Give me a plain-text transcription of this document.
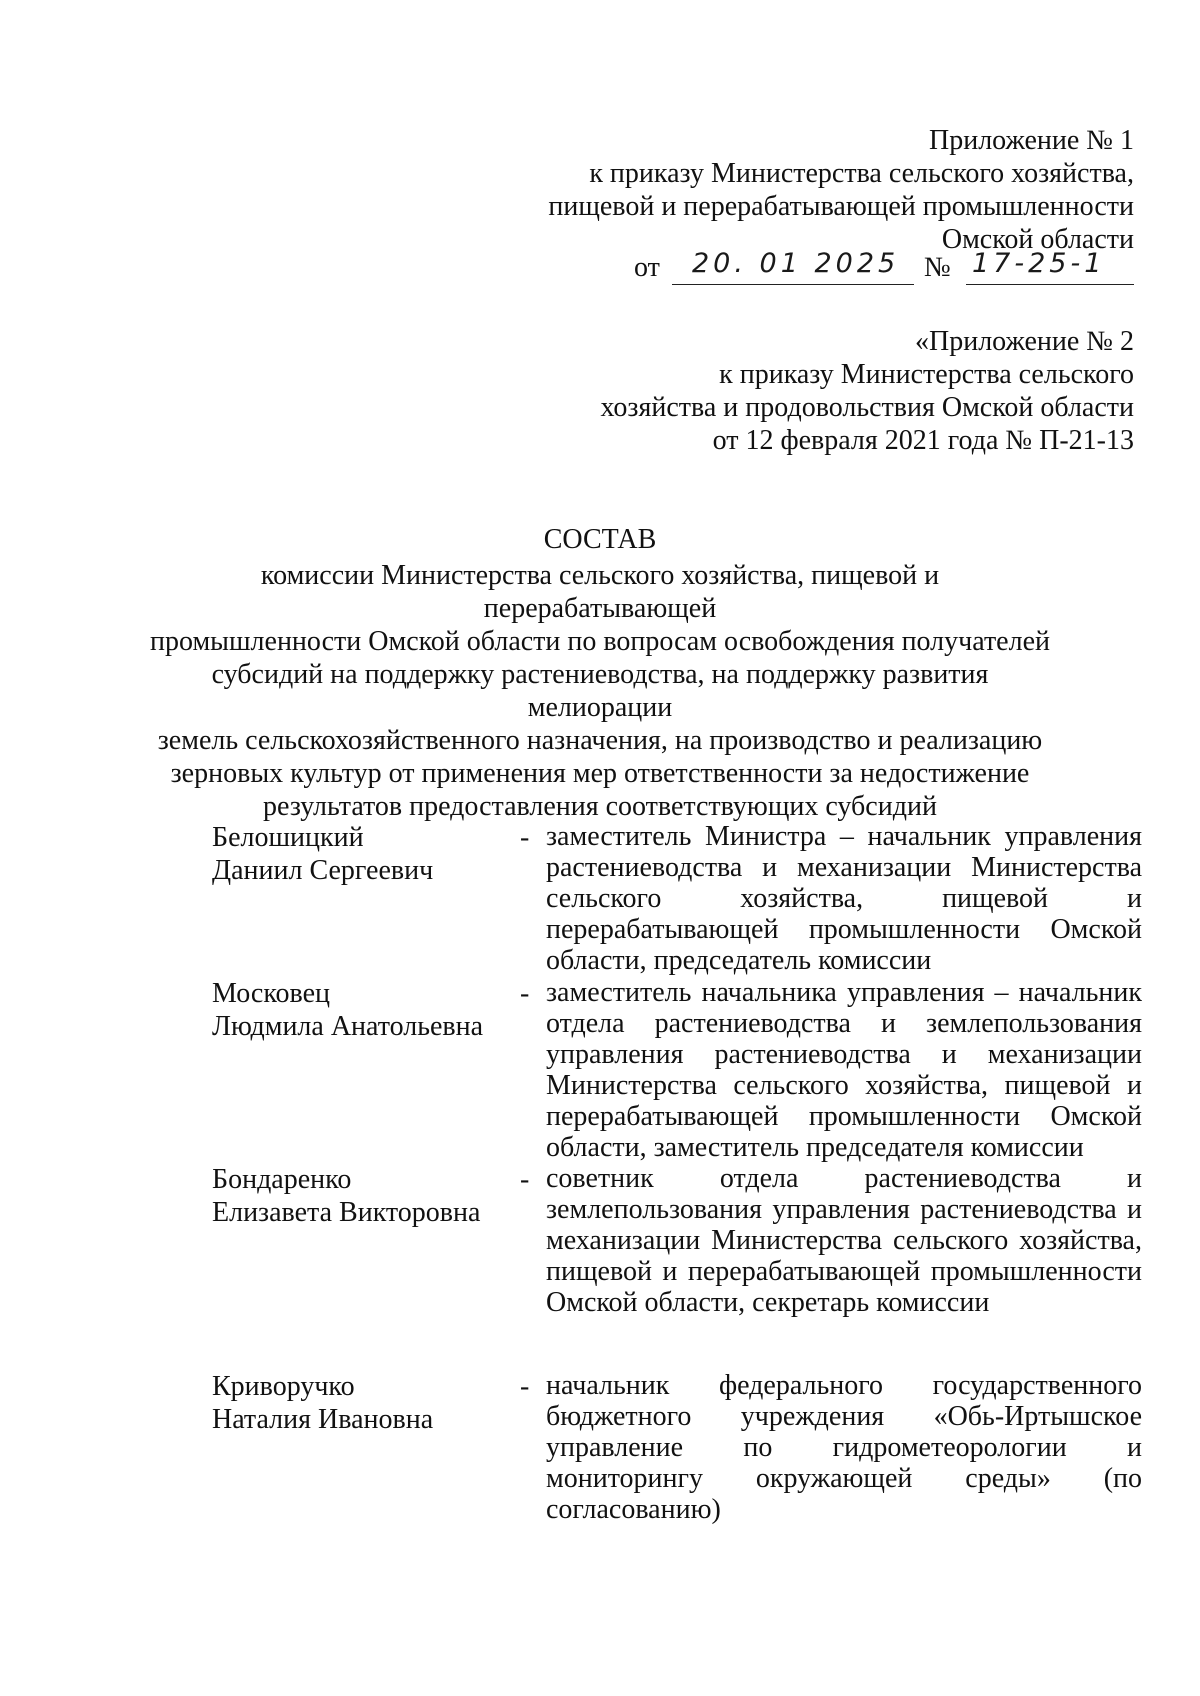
Приложение № 1
к приказу Министерства сельского хозяйства,
пищевой и перерабатывающей промышленности
Омской области
от 20. 01 2025 № 17-25-1
«Приложение № 2
к приказу Министерства сельского
хозяйства и продовольствия Омской области
от 12 февраля 2021 года № П-21-13
СОСТАВ
комиссии Министерства сельского хозяйства, пищевой и перерабатывающей
промышленности Омской области по вопросам освобождения получателей
субсидий на поддержку растениеводства, на поддержку развития мелиорации
земель сельскохозяйственного назначения, на производство и реализацию
зерновых культур от применения мер ответственности за недостижение
результатов предоставления соответствующих субсидий
Белошицкий
Даниил Сергеевич
- заместитель Министра – начальник управления растениеводства и механизации Министерства сельского хозяйства, пищевой и перерабатывающей промышленности Омской области, председатель комиссии
Московец
Людмила Анатольевна
- заместитель начальника управления – начальник отдела растениеводства и землепользования управления растениеводства и механизации Министерства сельского хозяйства, пищевой и перерабатывающей промышленности Омской области, заместитель председателя комиссии
Бондаренко
Елизавета Викторовна
- советник отдела растениеводства и землепользования управления растениеводства и механизации Министерства сельского хозяйства, пищевой и перерабатывающей промышленности Омской области, секретарь комиссии
Криворучко
Наталия Ивановна
- начальник федерального государственного бюджетного учреждения «Обь-Иртышское управление по гидрометеорологии и мониторингу окружающей среды» (по согласованию)
